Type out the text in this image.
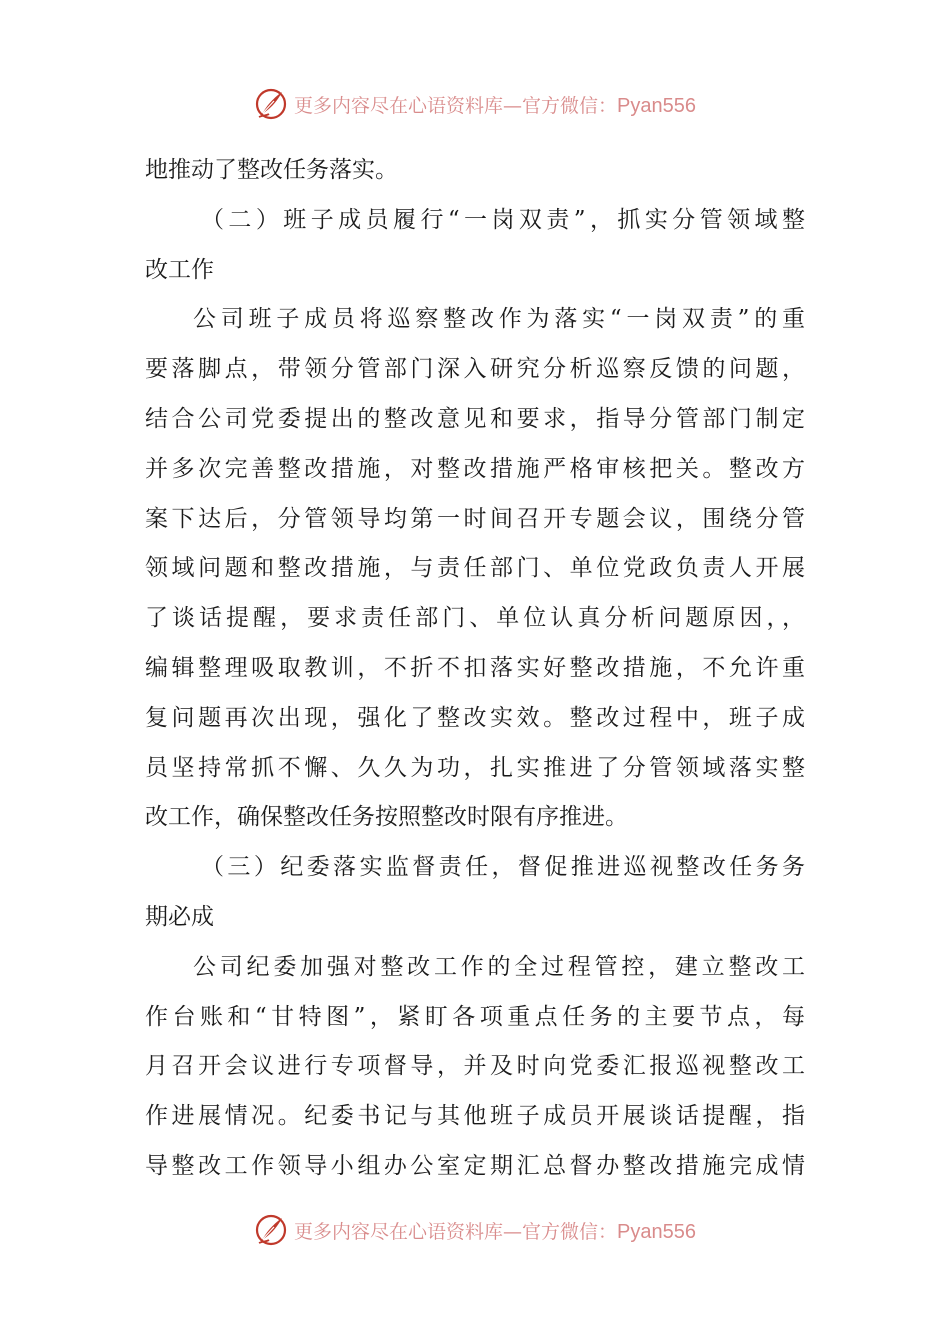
更多内容尽在心语资料库—官方微信：Pyan556
地推动了整改任务落实。
（二）班子成员履行“一岗双责”，抓实分管领域整
改工作
公司班子成员将巡察整改作为落实“一岗双责”的重
要落脚点，带领分管部门深入研究分析巡察反馈的问题，
结合公司党委提出的整改意见和要求，指导分管部门制定
并多次完善整改措施，对整改措施严格审核把关。整改方
案下达后，分管领导均第一时间召开专题会议，围绕分管
领域问题和整改措施，与责任部门、单位党政负责人开展
了谈话提醒，要求责任部门、单位认真分析问题原因，，
编辑整理吸取教训，不折不扣落实好整改措施，不允许重
复问题再次出现，强化了整改实效。整改过程中，班子成
员坚持常抓不懈、久久为功，扎实推进了分管领域落实整
改工作，确保整改任务按照整改时限有序推进。
（三）纪委落实监督责任，督促推进巡视整改任务务
期必成
公司纪委加强对整改工作的全过程管控，建立整改工
作台账和“甘特图”，紧盯各项重点任务的主要节点，每
月召开会议进行专项督导，并及时向党委汇报巡视整改工
作进展情况。纪委书记与其他班子成员开展谈话提醒，指
导整改工作领导小组办公室定期汇总督办整改措施完成情
更多内容尽在心语资料库—官方微信：Pyan556
